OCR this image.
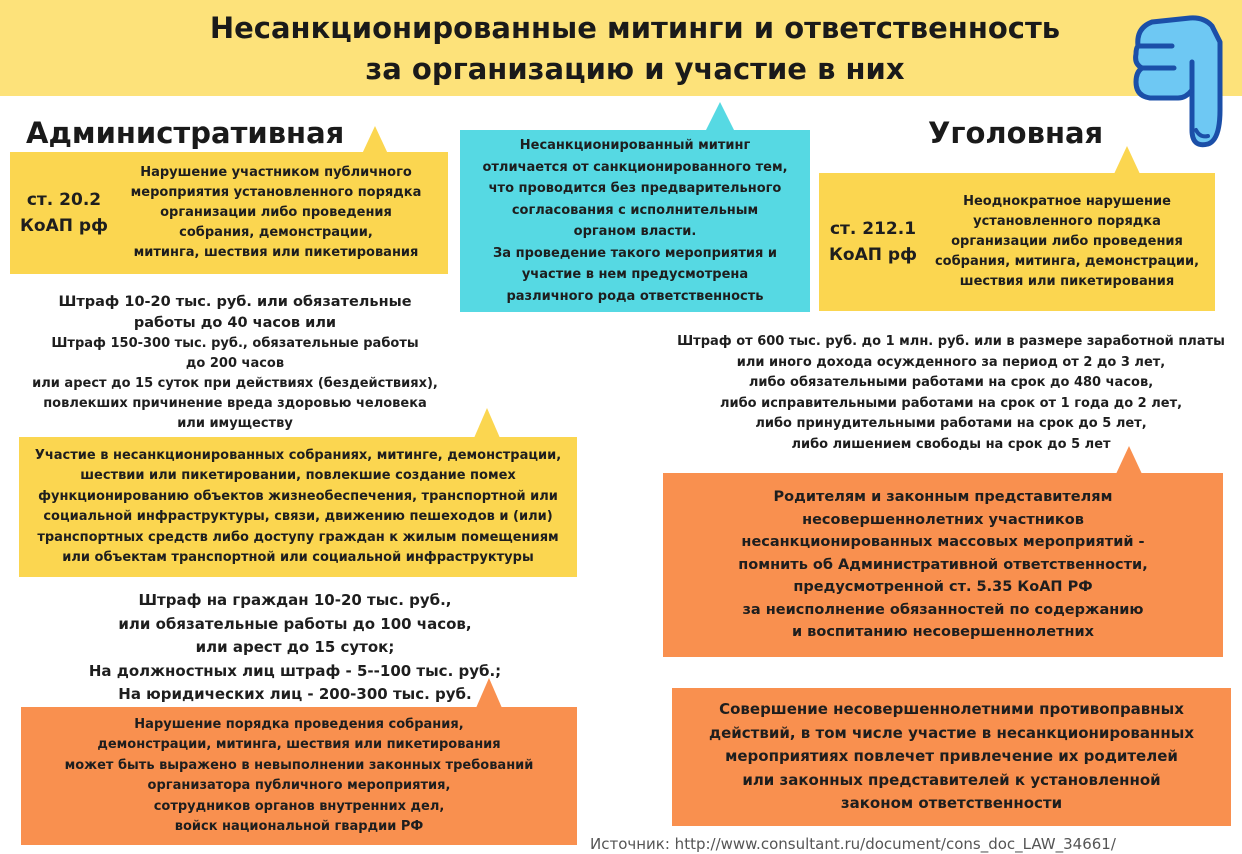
Несанкционированные митинги и ответственность
за организацию и участие в них
Административная	Уголовная
ст. 20.2
КоАП рф
Нарушение участником публичного
мероприятия установленного порядка
организации либо проведения
собрания, демонстрации,
митинга, шествия или пикетирования
Штраф 10-20 тыс. руб. или обязательные
работы до 40 часов или
Штраф 150-300 тыс. руб., обязательные работы
до 200 часов
или арест до 15 суток при действиях (бездействиях),
повлекших причинение вреда здоровью человека
или имуществу
Участие в несанкционированных собраниях, митинге, демонстрации,
шествии или пикетировании, повлекшие создание помех
функционированию объектов жизнеобеспечения, транспортной или
социальной инфраструктуры, связи, движению пешеходов и (или)
транспортных средств либо доступу граждан к жилым помещениям
или объектам транспортной или социальной инфраструктуры
Штраф на граждан 10-20 тыс. руб.,
или обязательные работы до 100 часов,
или арест до 15 суток;
На должностных лиц штраф - 5--100 тыс. руб.;
На юридических лиц - 200-300 тыс. руб.
Нарушение порядка проведения собрания,
демонстрации, митинга, шествия или пикетирования
может быть выражено в невыполнении законных требований
организатора публичного мероприятия,
сотрудников органов внутренних дел,
войск национальной гвардии РФ
Несанкционированный митинг
отличается от санкционированного тем,
что проводится без предварительного
согласования с исполнительным
органом власти.
За проведение такого мероприятия и
участие в нем предусмотрена
различного рода ответственность
ст. 212.1
КоАП рф
Неоднократное нарушение
установленного порядка
организации либо проведения
собрания, митинга, демонстрации,
шествия или пикетирования
Штраф от 600 тыс. руб. до 1 млн. руб. или в размере заработной платы
или иного дохода осужденного за период от 2 до 3 лет,
либо обязательными работами на срок до 480 часов,
либо исправительными работами на срок от 1 года до 2 лет,
либо принудительными работами на срок до 5 лет,
либо лишением свободы на срок до 5 лет
Родителям и законным представителям
несовершеннолетних участников
несанкционированных массовых мероприятий -
помнить об Административной ответственности,
предусмотренной ст. 5.35 КоАП РФ
за неисполнение обязанностей по содержанию
и воспитанию несовершеннолетних
Совершение несовершеннолетними противоправных
действий, в том числе участие в несанкционированных
мероприятиях повлечет привлечение их родителей
или законных представителей к установленной
законом ответственности
Источник: http://www.consultant.ru/document/cons_doc_LAW_34661/
